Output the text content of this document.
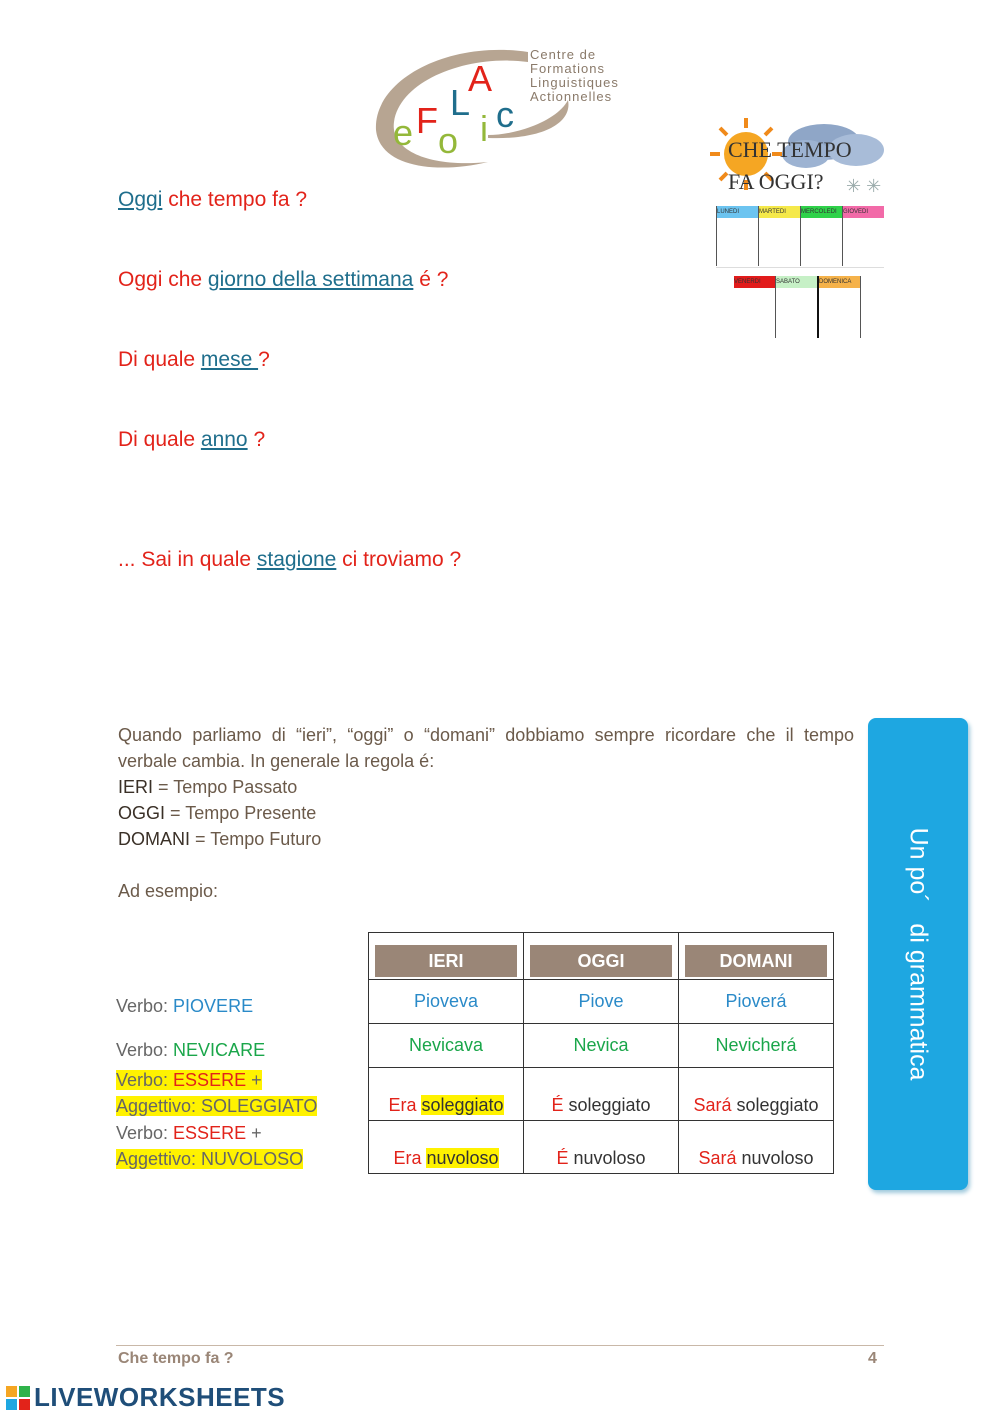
e F o
L
A
i c
Centre de
Formations
Linguistiques
Actionnelles
✳ ✳
CHE TEMPO
FA OGGI?
LUNEDI	MARTEDI	MERCOLEDI	GIOVEDI
VENERDI	SABATO	DOMENICA
Oggi che tempo fa ?
Oggi che giorno della settimana é ?
Di quale mese ?
Di quale anno ?
... Sai in quale stagione ci troviamo ?
Quando parliamo di “ieri”, “oggi” o “domani” dobbiamo sempre ricordare che il tempo verbale cambia. In generale la regola é:
IERI = Tempo Passato
OGGI = Tempo Presente
DOMANI = Tempo Futuro
Ad esempio:
Verbo: PIOVERE
Verbo: NEVICARE
Verbo: ESSERE +
Aggettivo: SOLEGGIATO
Verbo: ESSERE +
Aggettivo: NUVOLOSO
IERI	OGGI	DOMANI

Pioveva	Piove	Pioverá
Nevicava	Nevica	Nevicherá
Era soleggiato	É soleggiato	Sará soleggiato
Era nuvoloso	É nuvoloso	Sará nuvoloso
Un po´   di grammatica
Che tempo fa ?	4
LIVEWORKSHEETS
